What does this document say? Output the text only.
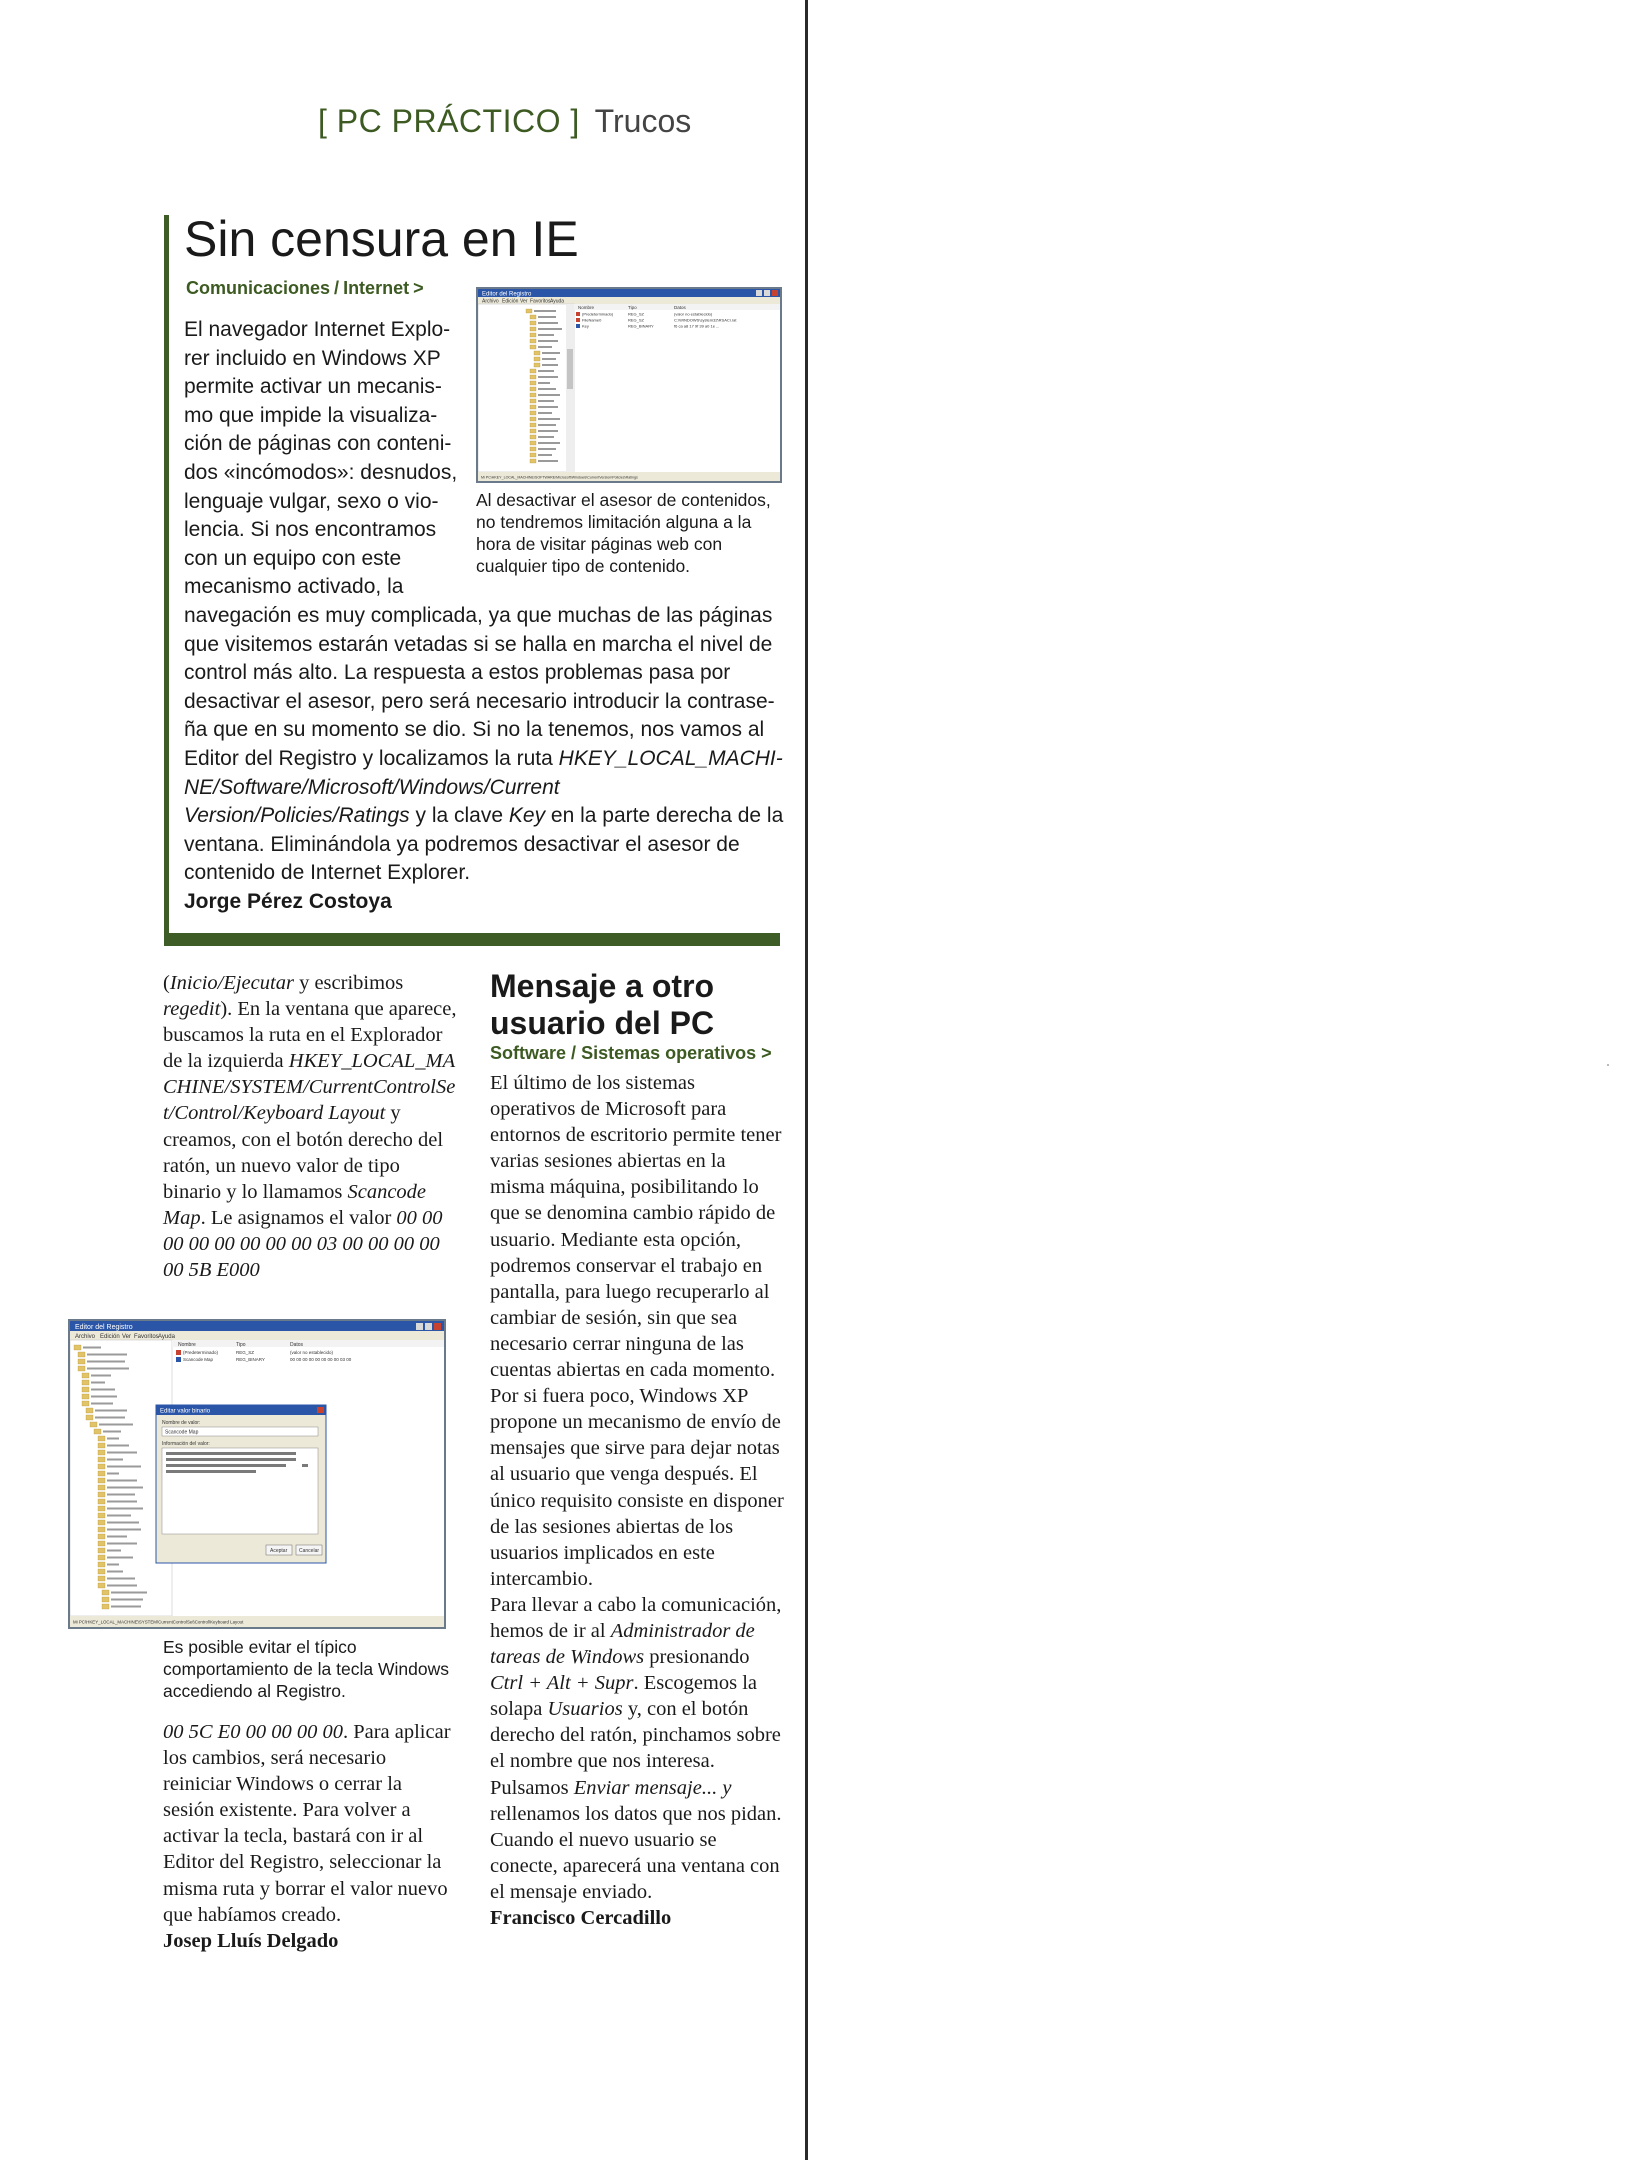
[ PC PRÁCTICO ] Trucos
Sin censura en IE
Comunicaciones / Internet >	Editor del Registro
Archivo Edición Ver Favoritos Ayuda
Nombre	Tipo	Datos
(Predeterminado)	REG_SZ	(valor no establecido)
FileName0	REG_SZ	C:\WINDOWS\system32\RSACi.rat
Key	REG_BINARY	f6 ca a8 17 9f 39 a0 1e ...
Mi PC\HKEY_LOCAL_MACHINE\SOFTWARE\Microsoft\Windows\CurrentVersion\Policies\Ratings
Al desactivar el asesor de contenidos, no tendremos limitación alguna a la hora de visitar páginas web con cualquier tipo de contenido.
El navegador Internet Explo-
rer incluido en Windows XP
permite activar un mecanis-
mo que impide la visualiza-
ción de páginas con conteni-
dos «incómodos»: desnudos,
lenguaje vulgar, sexo o vio-
lencia. Si nos encontramos
con un equipo con este
mecanismo activado, la
navegación es muy complicada, ya que muchas de las páginas
que visitemos estarán vetadas si se halla en marcha el nivel de
control más alto. La respuesta a estos problemas pasa por
desactivar el asesor, pero será necesario introducir la contrase-
ña que en su momento se dio. Si no la tenemos, nos vamos al
Editor del Registro y localizamos la ruta HKEY_LOCAL_MACHI-
NE/Software/Microsoft/Windows/Current
Version/Policies/Ratings y la clave Key en la parte derecha de la
ventana. Eliminándola ya podremos desactivar el asesor de
contenido de Internet Explorer.
Jorge Pérez Costoya

(Inicio/Ejecutar y escribimos regedit). En la ventana que aparece, buscamos la ruta en el Explorador de la izquierda HKEY_LOCAL_MACHINE/SYSTEM/CurrentControlSet/Control/Keyboard Layout y creamos, con el botón derecho del ratón, un nuevo valor de tipo binario y lo llamamos Scancode Map. Le asignamos el valor 00 00 00 00 00 00 00 00 03 00 00 00 00 00 5B E000

Editor del Registro
Archivo Edición Ver Favoritos Ayuda
Nombre	Tipo	Datos
(Predeterminado)	REG_SZ	(valor no establecido)
Scancode Map	REG_BINARY	00 00 00 00 00 00 00 00 03 00
Editar valor binario
Nombre de valor:
Scancode Map
Información del valor:
Aceptar Cancelar
Mi PC\HKEY_LOCAL_MACHINE\SYSTEM\CurrentControlSet\Control\Keyboard Layout
Es posible evitar el típico comportamiento de la tecla Windows accediendo al Registro.

00 5C E0 00 00 00 00. Para aplicar los cambios, será necesario reiniciar Windows o cerrar la sesión existente. Para volver a activar la tecla, bastará con ir al Editor del Registro, seleccionar la misma ruta y borrar el valor nuevo que habíamos creado.

Josep Lluís Delgado

Mensaje a otro
usuario del PC
Software / Sistemas operativos >

El último de los sistemas operativos de Microsoft para entornos de escritorio permite tener varias sesiones abiertas en la misma máquina, posibilitando lo que se denomina cambio rápido de usuario. Mediante esta opción, podremos conservar el trabajo en pantalla, para luego recuperarlo al cambiar de sesión, sin que sea necesario cerrar ninguna de las cuentas abiertas en cada momento. Por si fuera poco, Windows XP propone un mecanismo de envío de mensajes que sirve para dejar notas al usuario que venga después. El único requisito consiste en disponer de las sesiones abiertas de los usuarios implicados en este intercambio.

Para llevar a cabo la comunicación, hemos de ir al Administrador de tareas de Windows presionando Ctrl + Alt + Supr. Escogemos la solapa Usuarios y, con el botón derecho del ratón, pinchamos sobre el nombre que nos interesa. Pulsamos Enviar mensaje... y rellenamos los datos que nos pidan. Cuando el nuevo usuario se conecte, aparecerá una ventana con el mensaje enviado.

Francisco Cercadillo
